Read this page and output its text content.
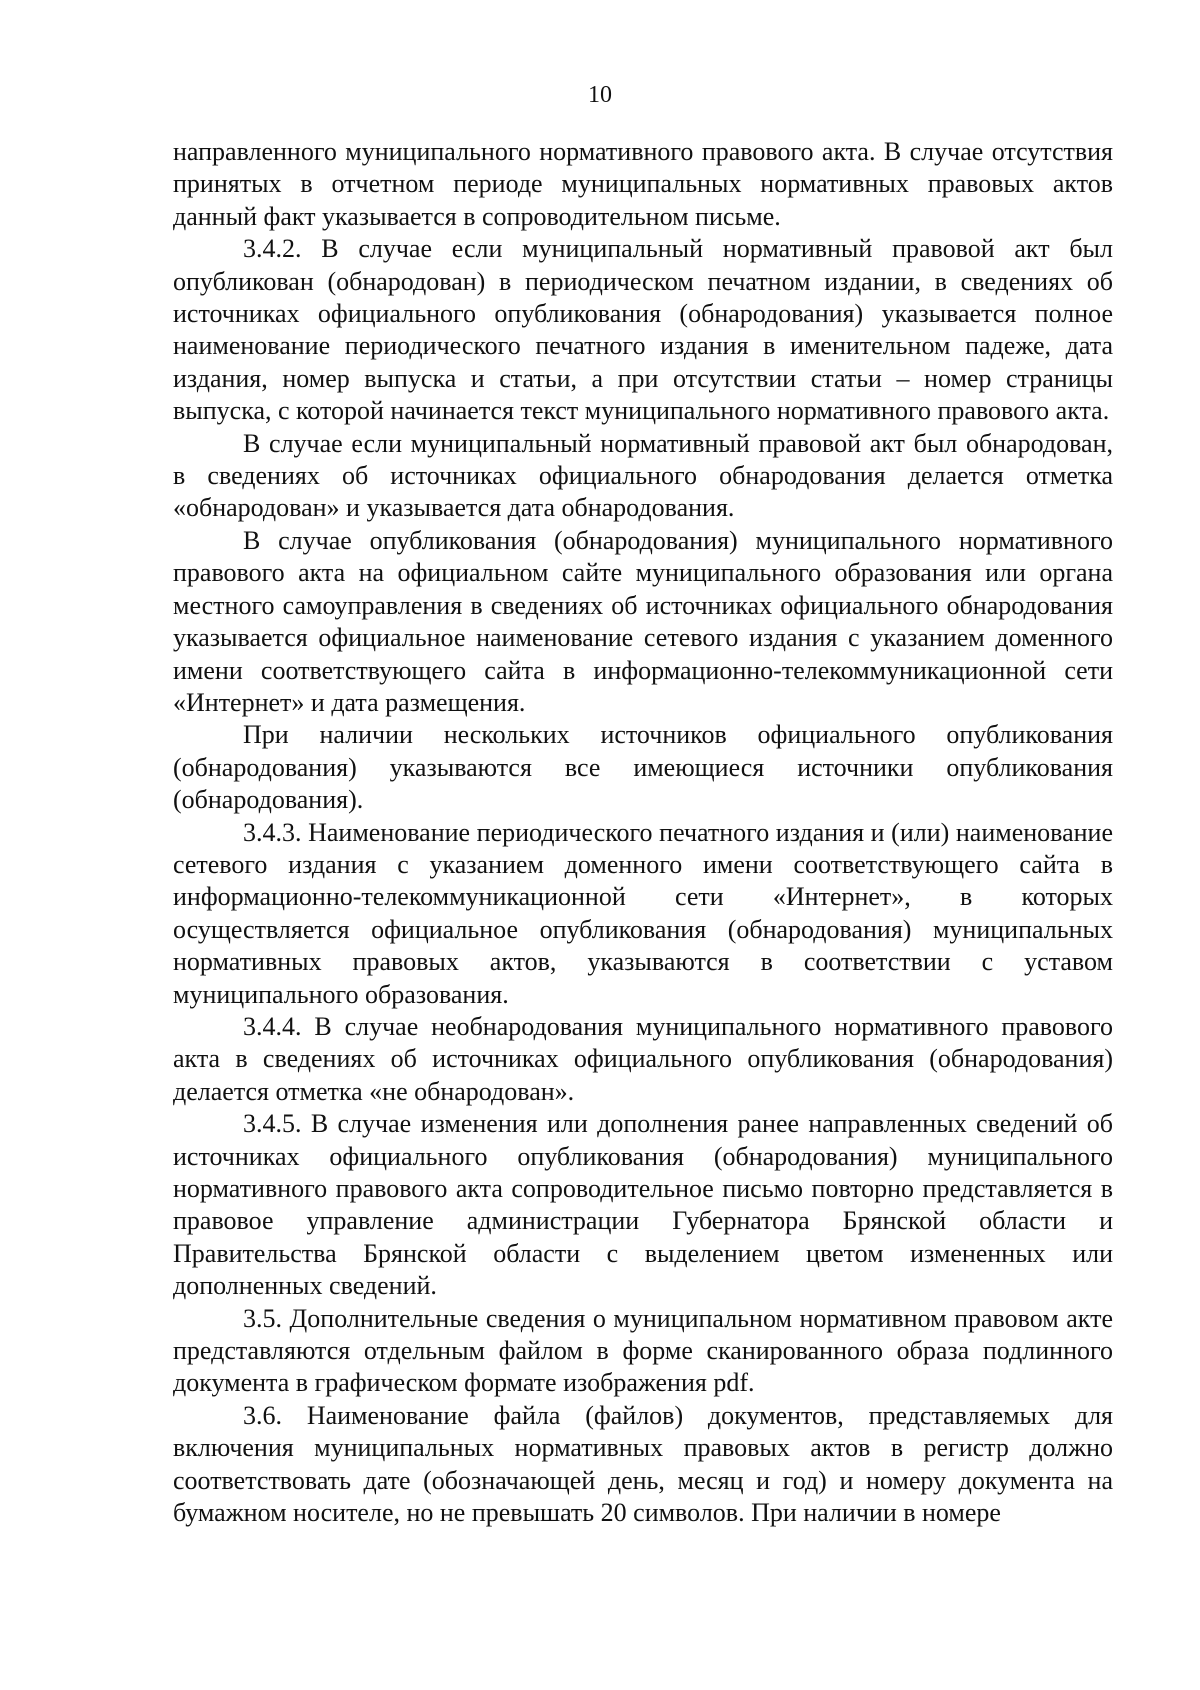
10

направленного муниципального нормативного правового акта. В случае отсутствия принятых в отчетном периоде муниципальных нормативных правовых актов данный факт указывается в сопроводительном письме.

3.4.2. В случае если муниципальный нормативный правовой акт был опубликован (обнародован) в периодическом печатном издании, в сведениях об источниках официального опубликования (обнародования) указывается полное наименование периодического печатного издания в именительном падеже, дата издания, номер выпуска и статьи, а при отсутствии статьи – номер страницы выпуска, с которой начинается текст муниципального нормативного правового акта.

В случае если муниципальный нормативный правовой акт был обнародован, в сведениях об источниках официального обнародования делается отметка «обнародован» и указывается дата обнародования.

В случае опубликования (обнародования) муниципального нормативного правового акта на официальном сайте муниципального образования или органа местного самоуправления в сведениях об источниках официального обнародования указывается официальное наименование сетевого издания с указанием доменного имени соответствующего сайта в информационно-телекоммуникационной сети «Интернет» и дата размещения.

При наличии нескольких источников официального опубликования (обнародования) указываются все имеющиеся источники опубликования (обнародования).

3.4.3. Наименование периодического печатного издания и (или) наименование сетевого издания с указанием доменного имени соответствующего сайта в информационно-телекоммуникационной сети «Интернет», в которых осуществляется официальное опубликования (обнародования) муниципальных нормативных правовых актов, указываются в соответствии с уставом муниципального образования.

3.4.4. В случае необнародования муниципального нормативного правового акта в сведениях об источниках официального опубликования (обнародования) делается отметка «не обнародован».

3.4.5. В случае изменения или дополнения ранее направленных сведений об источниках официального опубликования (обнародования) муниципального нормативного правового акта сопроводительное письмо повторно представляется в правовое управление администрации Губернатора Брянской области и Правительства Брянской области с выделением цветом измененных или дополненных сведений.

3.5. Дополнительные сведения о муниципальном нормативном правовом акте представляются отдельным файлом в форме сканированного образа подлинного документа в графическом формате изображения pdf.

3.6. Наименование файла (файлов) документов, представляемых для включения муниципальных нормативных правовых актов в регистр должно соответствовать дате (обозначающей день, месяц и год) и номеру документа на бумажном носителе, но не превышать 20 символов. При наличии в номере
